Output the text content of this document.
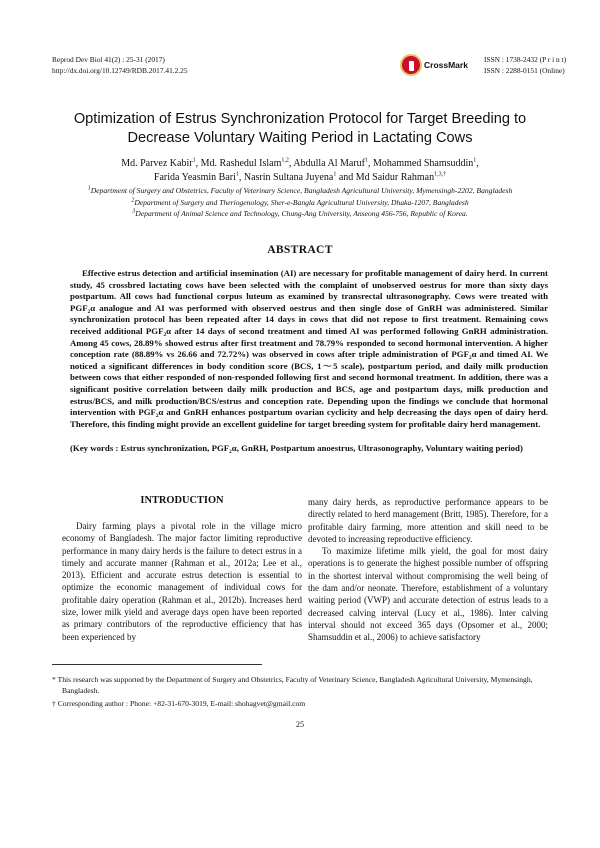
Reprod Dev Biol 41(2) : 25-31 (2017)
http://dx.doi.org/10.12749/RDB.2017.41.2.25	CrossMark
ISSN : 1738-2432 (P r i n t)
ISSN : 2288-0151 (Online)
Optimization of Estrus Synchronization Protocol for Target Breeding to
Decrease Voluntary Waiting Period in Lactating Cows
Md. Parvez Kabir$^1$, Md. Rashedul Islam$^{1,2}$, Abdulla Al Maruf$^1$, Mohammed Shamsuddin$^1$,
Farida Yeasmin Bari$^1$, Nasrin Sultana Juyena$^1$ and Md Saidur Rahman$^{1,3,\dagger}$
$^1$Department of Surgery and Obstetrics, Faculty of Veterinary Science, Bangladesh Agricultural University, Mymensingh-2202, Bangladesh
$^2$Department of Surgery and Theriogenology, Sher-e-Bangla Agricultural University, Dhaka-1207, Bangladesh
$^3$Department of Animal Science and Technology, Chung-Ang University, Anseong 456-756, Republic of Korea.
ABSTRACT

Effective estrus detection and artificial insemination (AI) are necessary for profitable management of dairy herd. In current study, 45 crossbred lactating cows have been selected with the complaint of unobserved oestrus for more than sixty days postpartum. All cows had functional corpus luteum as examined by transrectal ultrasonography. Cows were treated with PGF₂α analogue and AI was performed with observed oestrus and then single dose of GnRH was administered. Similar synchronization protocol has been repeated after 14 days in cows that did not repose to first treatment. Remaining cows received additional PGF₂α after 14 days of second treatment and timed AI was performed following GnRH administration. Among 45 cows, 28.89% showed estrus after first treatment and 78.79% responded to second hormonal intervention. A higher conception rate (88.89% vs 26.66 and 72.72%) was observed in cows after triple administration of PGF₂α and timed AI. We noticed a significant differences in body condition score (BCS, 1～5 scale), postpartum period, and daily milk production between cows that either responded of non-responded following first and second hormonal treatment. In addition, there was a significant positive correlation between daily milk production and BCS, age and postpartum days, milk production and estrus/BCS, and milk production/BCS/estrus and conception rate. Depending upon the findings we conclude that hormonal intervention with PGF₂α and GnRH enhances postpartum ovarian cyclicity and help decreasing the days open of dairy herd. Therefore, this finding might provide an excellent guideline for target breeding system for profitable dairy herd management.

(Key words : Estrus synchronization, PGF₂α, GnRH, Postpartum anoestrus, Ultrasonography, Voluntary waiting period)

INTRODUCTION

Dairy farming plays a pivotal role in the village micro economy of Bangladesh. The major factor limiting reproductive performance in many dairy herds is the failure to detect estrus in a timely and accurate manner (Rahman et al., 2012a; Lee et al., 2013). Efficient and accurate estrus detection is essential to optimize the economic management of individual cows for profitable dairy operation (Rahman et al., 2012b). Increases herd size, lower milk yield and average days open have been reported as primary contributors of the reproductive efficiency that has been experienced by

many dairy herds, as reproductive performance appears to be directly related to herd management (Britt, 1985). Therefore, for a profitable dairy farming, more attention and skill need to be devoted to increasing reproductive efficiency.

To maximize lifetime milk yield, the goal for most dairy operations is to generate the highest possible number of offspring in the shortest interval without compromising the well being of the dam and/or neonate. Therefore, establishment of a voluntary waiting period (VWP) and accurate detection of estrus leads to a decreased calving interval (Lucy et al., 1986). Inter calving interval should not exceed 365 days (Opsomer et al., 2000; Shamsuddin et al., 2006) to achieve satisfactory

* This research was supported by the Department of Surgery and Obstetrics, Faculty of Veterinary Science, Bangladesh Agricultural University, Mymensingh, Bangladesh.

† Corresponding author : Phone: +82-31-670-3019, E-mail: shohagvet@gmail.com

25
